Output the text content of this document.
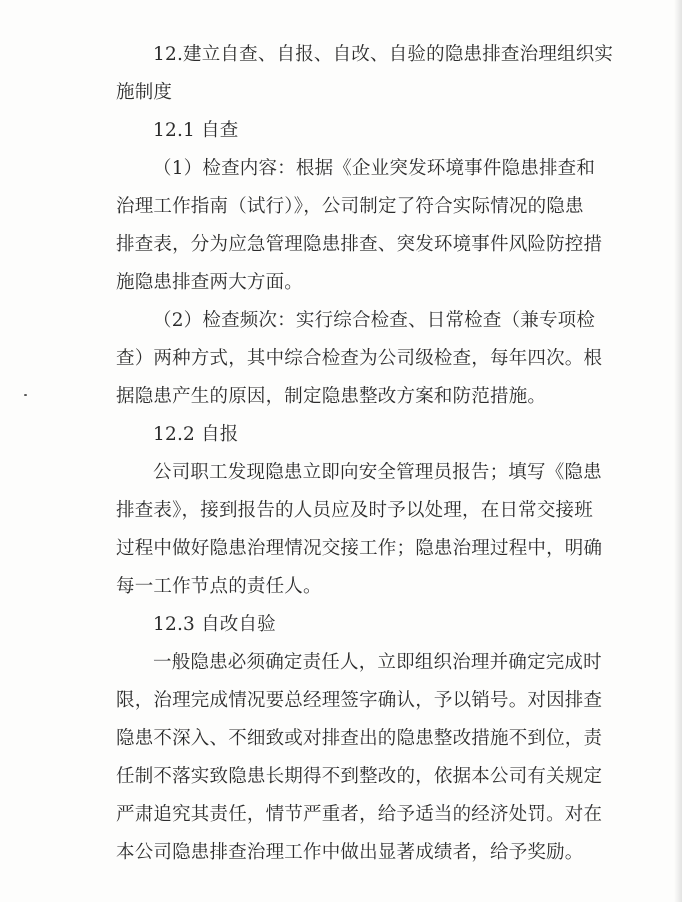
12.建立自查、自报、自改、自验的隐患排查治理组织实
施制度
12.1 自查
（1）检查内容：根据《企业突发环境事件隐患排查和
治理工作指南（试行）》，公司制定了符合实际情况的隐患
排查表，分为应急管理隐患排查、突发环境事件风险防控措
施隐患排查两大方面。
（2）检查频次：实行综合检查、日常检查（兼专项检
查）两种方式，其中综合检查为公司级检查，每年四次。根
据隐患产生的原因，制定隐患整改方案和防范措施。
12.2 自报
公司职工发现隐患立即向安全管理员报告；填写《隐患
排查表》，接到报告的人员应及时予以处理，在日常交接班
过程中做好隐患治理情况交接工作；隐患治理过程中，明确
每一工作节点的责任人。
12.3 自改自验
一般隐患必须确定责任人，立即组织治理并确定完成时
限，治理完成情况要总经理签字确认，予以销号。对因排查
隐患不深入、不细致或对排查出的隐患整改措施不到位，责
任制不落实致隐患长期得不到整改的，依据本公司有关规定
严肃追究其责任，情节严重者，给予适当的经济处罚。对在
本公司隐患排查治理工作中做出显著成绩者，给予奖励。
